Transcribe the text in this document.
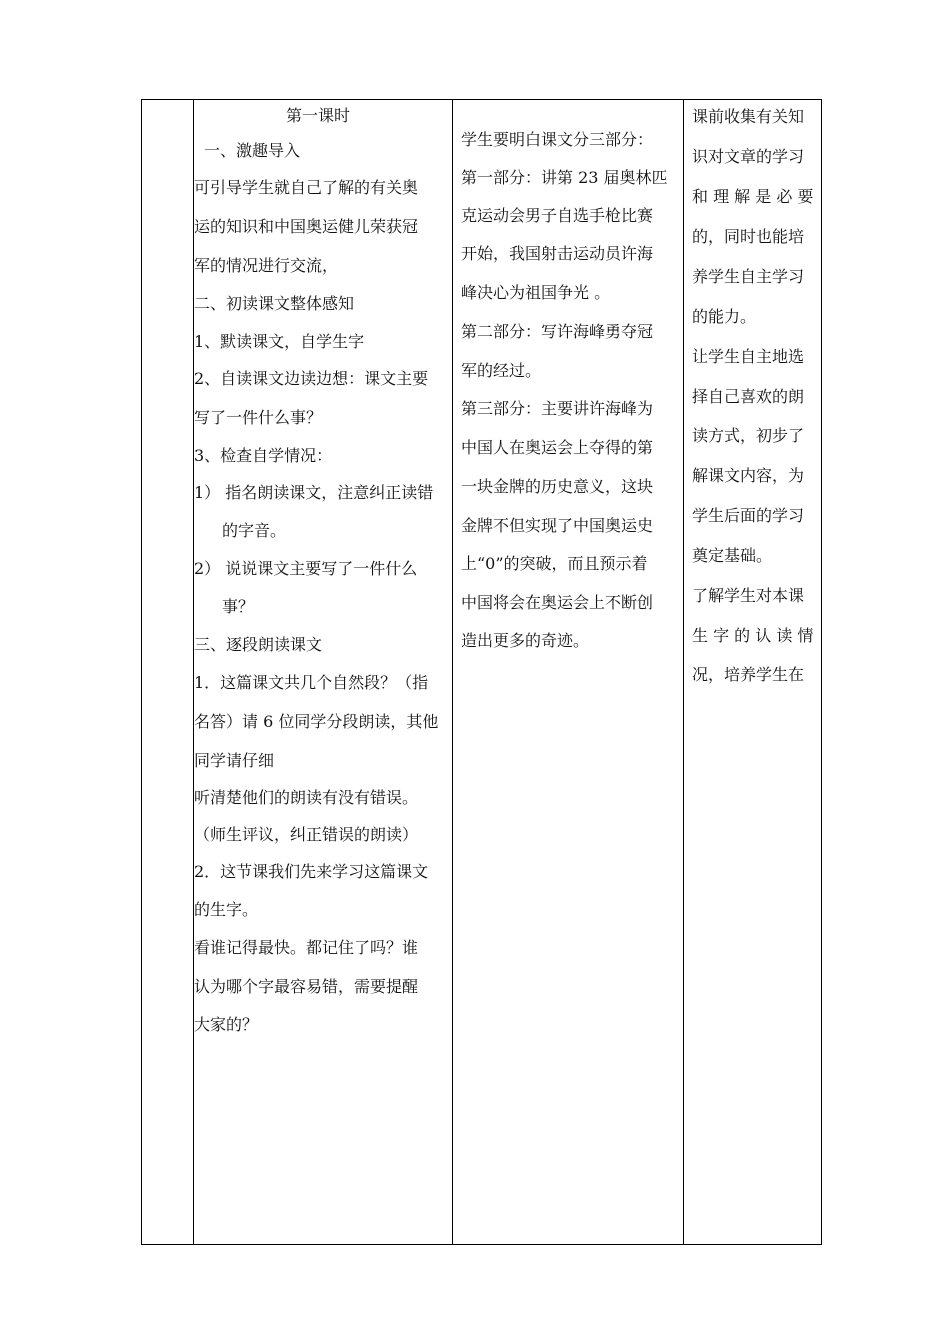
第一课时

一、激趣导入

可引导学生就自己了解的有关奥

运的知识和中国奥运健儿荣获冠

军的情况进行交流，

二、初读课文整体感知

1、默读课文，自学生字

2、自读课文边读边想：课文主要

写了一件什么事？

3、检查自学情况：

1） 指名朗读课文，注意纠正读错

的字音。

2） 说说课文主要写了一件什么

事？

三、逐段朗读课文

1．这篇课文共几个自然段？（指

名答）请 6 位同学分段朗读，其他

同学请仔细

听清楚他们的朗读有没有错误。

（师生评议，纠正错误的朗读）

2．这节课我们先来学习这篇课文

的生字。

看谁记得最快。都记住了吗？谁

认为哪个字最容易错，需要提醒

大家的？

学生要明白课文分三部分：

第一部分：讲第 23 届奥林匹

克运动会男子自选手枪比赛

开始，我国射击运动员许海

峰决心为祖国争光 。

第二部分：写许海峰勇夺冠

军的经过。

第三部分：主要讲许海峰为

中国人在奥运会上夺得的第

一块金牌的历史意义，这块

金牌不但实现了中国奥运史

上“0”的突破，而且预示着

中国将会在奥运会上不断创

造出更多的奇迹。

课前收集有关知

识对文章的学习

和 理 解 是 必 要

的，同时也能培

养学生自主学习

的能力。

让学生自主地选

择自己喜欢的朗

读方式，初步了

解课文内容，为

学生后面的学习

奠定基础。

了解学生对本课

生 字 的 认 读 情

况，培养学生在
